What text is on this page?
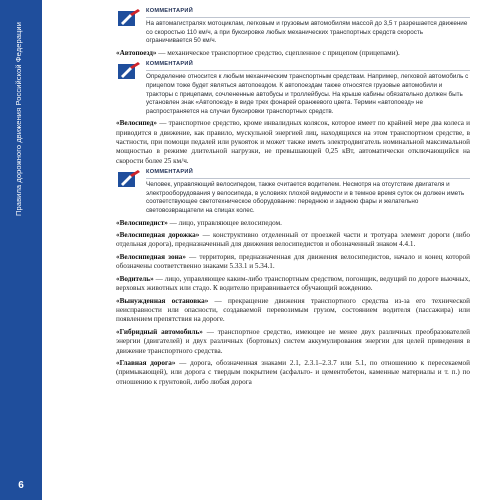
Правила дорожного движения Российской Федерации
6
КОММЕНТАРИЙ
На автомагистралях мотоциклам, легковым и грузовым автомобилям массой до 3,5 т разрешается движение со скоростью 110 км/ч, а при буксировке любых механических транспортных средств скорость ограничивается 50 км/ч.

«Автопоезд» — механическое транспортное средство, сцепленное с прицепом (прицепами).

КОММЕНТАРИЙ
Определение относится к любым механическим транспортным средствам. Например, легковой автомобиль с прицепом тоже будет являться автопоездом. К автопоездам также относятся грузовые автомобили и тракторы с прицепами, сочлененные автобусы и троллейбусы. На крыше кабины обязательно должен быть установлен знак «Автопоезд» в виде трех фонарей оранжевого цвета. Термин «автопоезд» не распространяется на случаи буксировки транспортных средств.

«Велосипед» — транспортное средство, кроме инвалидных колясок, которое имеет по крайней мере два колеса и приводится в движение, как правило, мускульной энергией лиц, находящихся на этом транспортном средстве, в частности, при помощи педалей или рукояток и может также иметь электродвигатель номинальной максимальной мощностью в режиме длительной нагрузки, не превышающей 0,25 кВт, автоматически отключающийся на скорости более 25 км/ч.

КОММЕНТАРИЙ
Человек, управляющий велосипедом, также считается водителем. Несмотря на отсутствие двигателя и электрооборудования у велосипеда, в условиях плохой видимости и в темное время суток он должен иметь соответствующее светотехническое оборудование: переднюю и заднюю фары и желательно световозвращатели на спицах колес.

«Велосипедист» — лицо, управляющее велосипедом.

«Велосипедная дорожка» — конструктивно отделенный от проезжей части и тротуара элемент дороги (либо отдельная дорога), предназначенный для движения велосипедистов и обозначенный знаком 4.4.1.

«Велосипедная зона» — территория, предназначенная для движения велосипедистов, начало и конец которой обозначены соответственно знаками 5.33.1 и 5.34.1.

«Водитель» — лицо, управляющее каким-либо транспортным средством, погонщик, ведущий по дороге вьючных, верховых животных или стадо. К водителю приравнивается обучающий вождению.

«Вынужденная остановка» — прекращение движения транспортного средства из-за его технической неисправности или опасности, создаваемой перевозимым грузом, состоянием водителя (пассажира) или появлением препятствия на дороге.

«Гибридный автомобиль» — транспортное средство, имеющее не менее двух различных преобразователей энергии (двигателей) и двух различных (бортовых) систем аккумулирования энергии для целей приведения в движение транспортного средства.

«Главная дорога» — дорога, обозначенная знаками 2.1, 2.3.1–2.3.7 или 5.1, по отношению к пересекаемой (примыкающей), или дорога с твердым покрытием (асфальто- и цементобетон, каменные материалы и т. п.) по отношению к грунтовой, либо любая дорога
